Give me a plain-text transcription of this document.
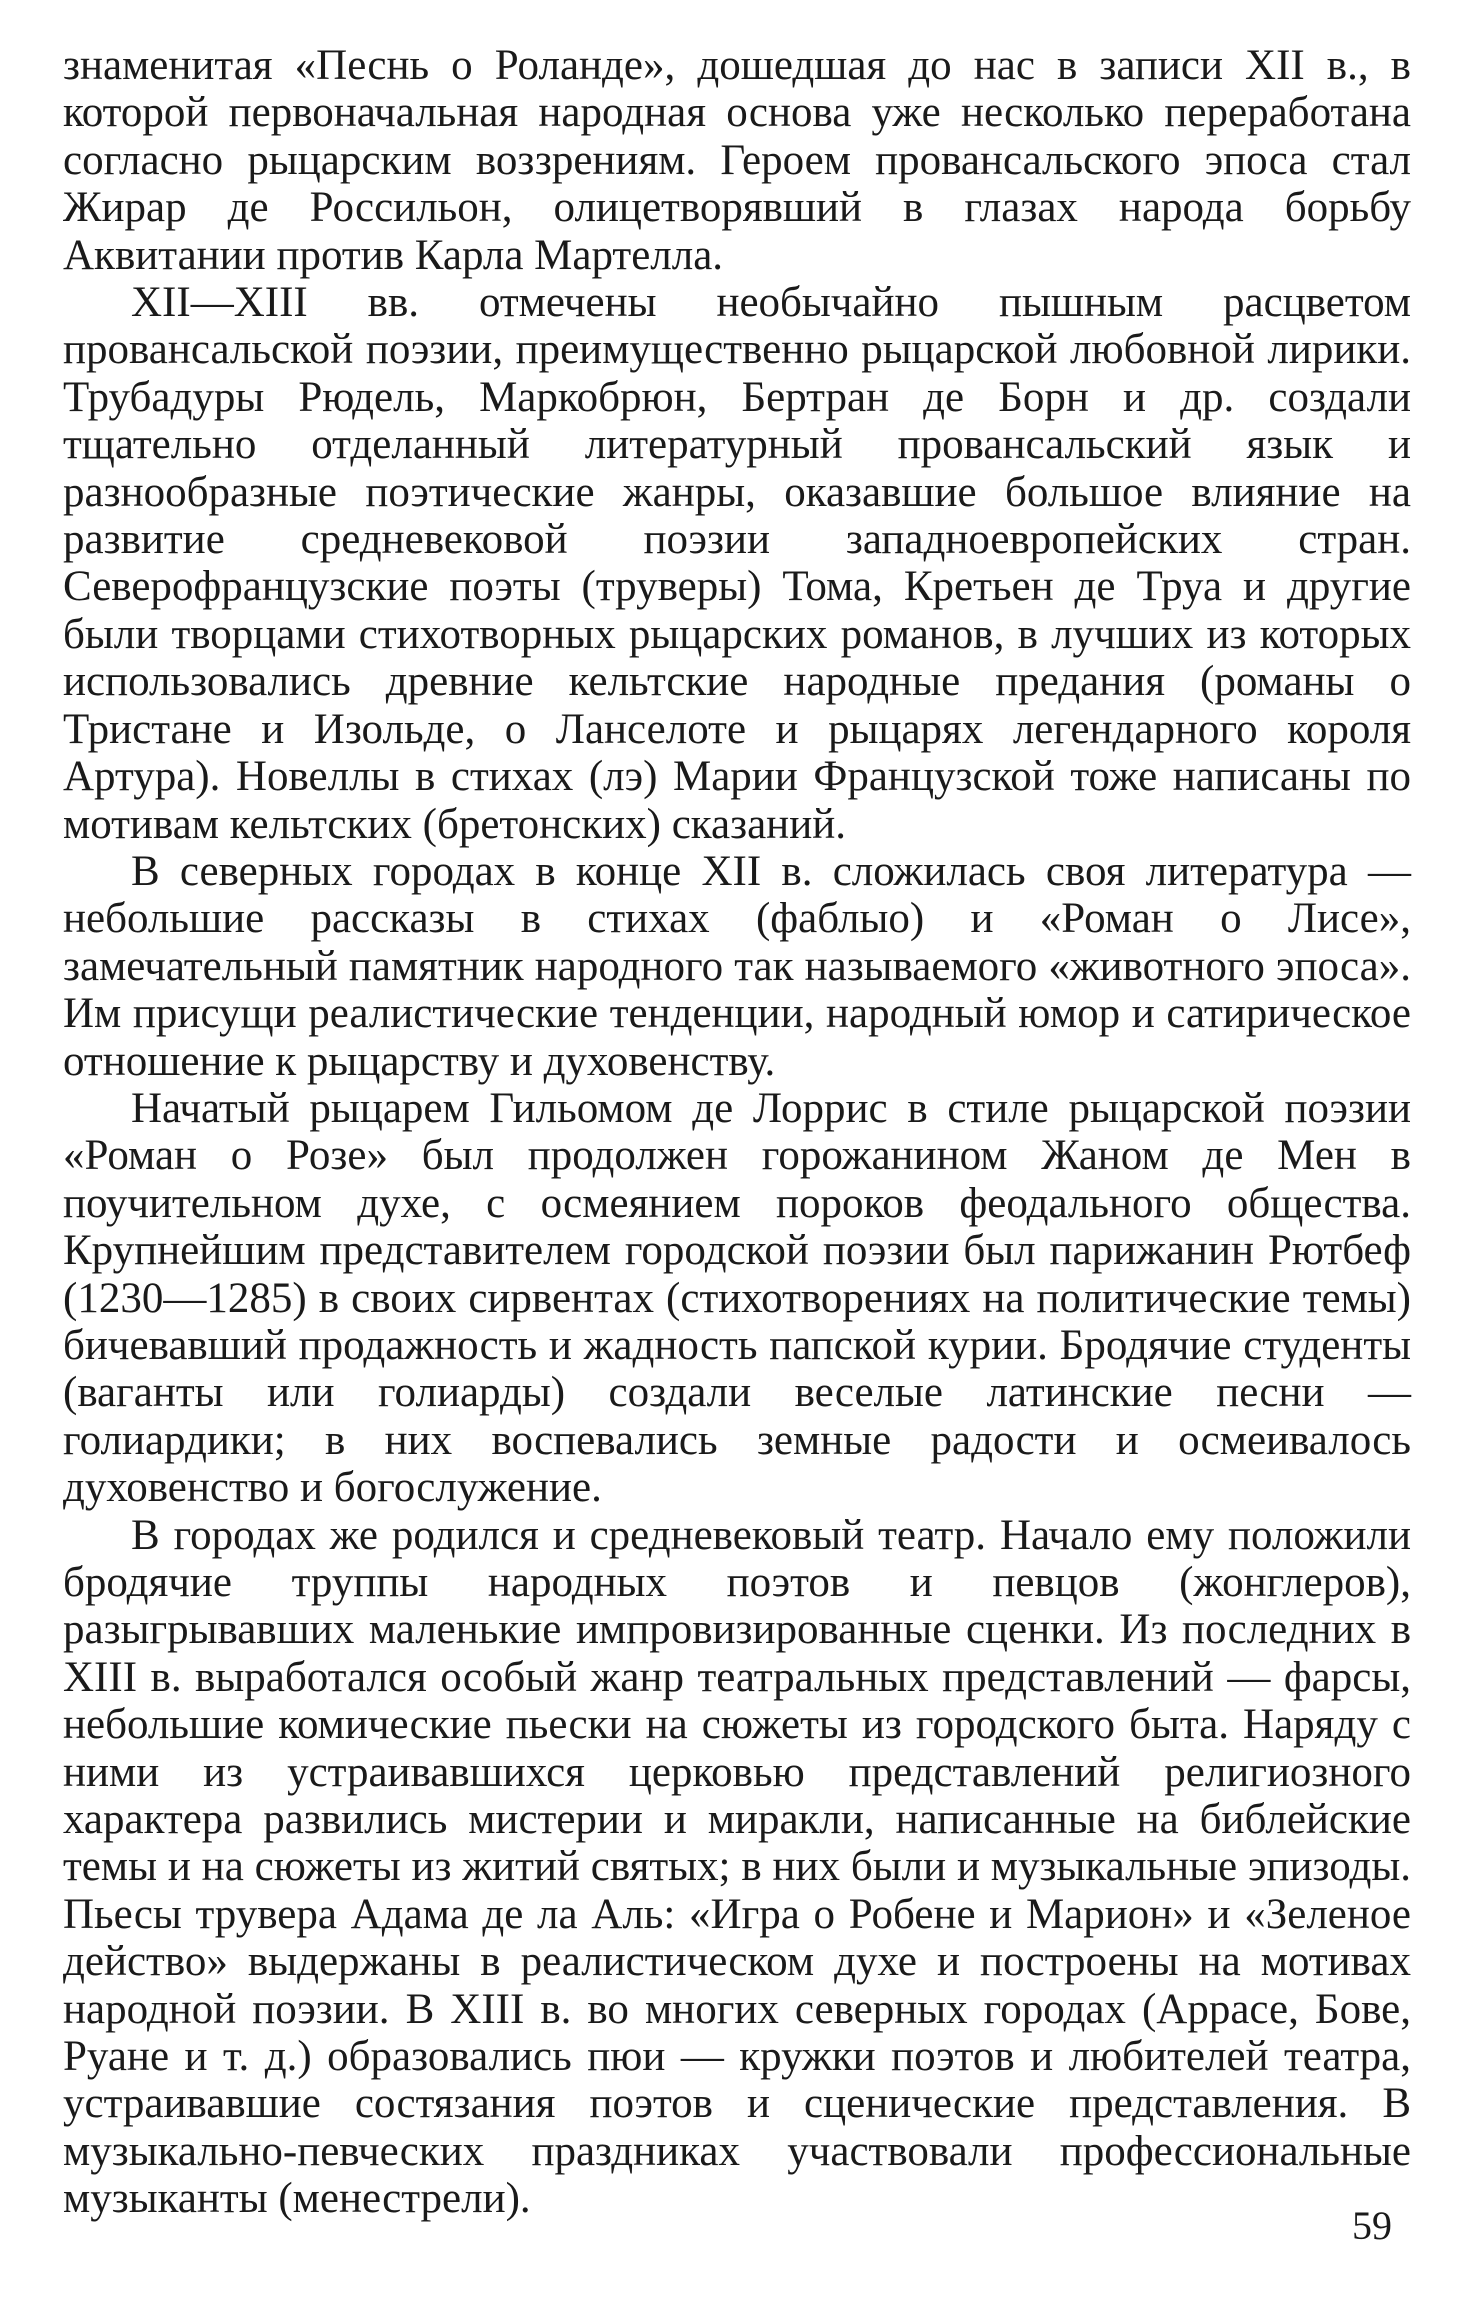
знаменитая «Песнь о Роланде», дошедшая до нас в записи XII в., в которой первоначальная народная основа уже несколько переработана согласно рыцарским воззрениям. Героем провансальского эпоса стал Жирар де Россильон, олицетворявший в глазах народа борьбу Аквитании против Карла Мартелла.

XII—XIII вв. отмечены необычайно пышным расцветом провансальской поэзии, преимущественно рыцарской любовной лирики. Трубадуры Рюдель, Маркобрюн, Бертран де Борн и др. создали тщательно отделанный литературный провансальский язык и разнообразные поэтические жанры, оказавшие большое влияние на развитие средневековой поэзии западноевропейских стран. Северофранцузские поэты (труверы) Тома, Кретьен де Труа и другие были творцами стихотворных рыцарских романов, в лучших из которых использовались древние кельтские народные предания (романы о Тристане и Изольде, о Ланселоте и рыцарях легендарного короля Артура). Новеллы в стихах (лэ) Марии Французской тоже написаны по мотивам кельтских (бретонских) сказаний.

В северных городах в конце XII в. сложилась своя литература — небольшие рассказы в стихах (фаблыо) и «Роман о Лисе», замечательный памятник народного так называемого «животного эпоса». Им присущи реалистические тенденции, народный юмор и сатирическое отношение к рыцарству и духовенству.

Начатый рыцарем Гильомом де Лоррис в стиле рыцарской поэзии «Роман о Розе» был продолжен горожанином Жаном де Мен в поучительном духе, с осмеянием пороков феодального общества. Крупнейшим представителем городской поэзии был парижанин Рютбеф (1230—1285) в своих сирвентах (стихотворениях на политические темы) бичевавший продажность и жадность папской курии. Бродячие студенты (ваганты или голиарды) создали веселые латинские песни — голиардики; в них воспевались земные радости и осмеивалось духовенство и богослужение.

В городах же родился и средневековый театр. Начало ему положили бродячие труппы народных поэтов и певцов (жонглеров), разыгрывавших маленькие импровизированные сценки. Из последних в XIII в. выработался особый жанр театральных представлений — фарсы, небольшие комические пьески на сюжеты из городского быта. Наряду с ними из устраивавшихся церковью представлений религиозного характера развились мистерии и миракли, написанные на библейские темы и на сюжеты из житий святых; в них были и музыкальные эпизоды. Пьесы трувера Адама де ла Аль: «Игра о Робене и Марион» и «Зеленое действо» выдержаны в реалистическом духе и построены на мотивах народной поэзии. В XIII в. во многих северных городах (Аррасе, Бове, Руане и т. д.) образовались пюи — кружки поэтов и любителей театра, устраивавшие состязания поэтов и сценические представления. В музыкально-певческих праздниках участвовали профессиональные музыканты (менестрели).

59
